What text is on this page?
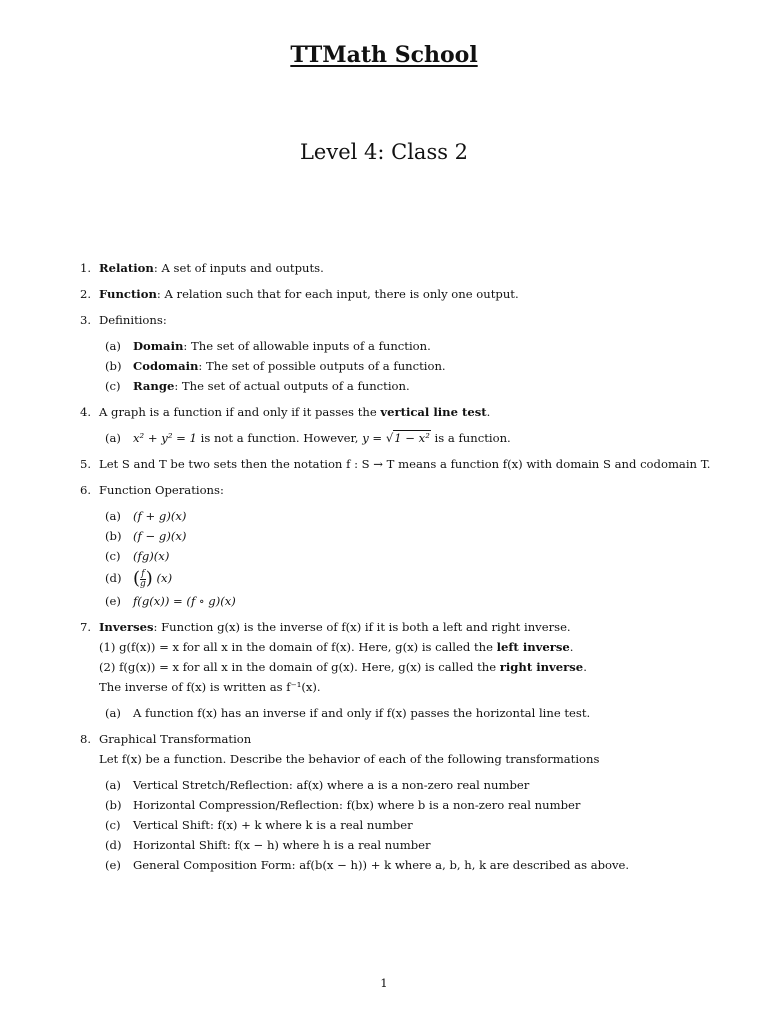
TTMath School
Level 4: Class 2
1. Relation: A set of inputs and outputs.
2. Function: A relation such that for each input, there is only one output.
3. Definitions:
(a) Domain: The set of allowable inputs of a function.
(b) Codomain: The set of possible outputs of a function.
(c) Range: The set of actual outputs of a function.
4. A graph is a function if and only if it passes the vertical line test.
(a) x² + y² = 1 is not a function. However, y = √1 − x² is a function.
5. Let S and T be two sets then the notation f : S → T means a function f(x) with domain S and codomain T.
6. Function Operations:
(a) (f + g)(x)
(b) (f − g)(x)
(c) (fg)(x)
(d) ( $\frac{f}{g}$ ) (x)
(e) f(g(x)) = (f ∘ g)(x)
7. Inverses: Function g(x) is the inverse of f(x) if it is both a left and right inverse.
(1) g(f(x)) = x for all x in the domain of f(x). Here, g(x) is called the left inverse.
(2) f(g(x)) = x for all x in the domain of g(x). Here, g(x) is called the right inverse.
The inverse of f(x) is written as f⁻¹(x).
(a) A function f(x) has an inverse if and only if f(x) passes the horizontal line test.
8. Graphical Transformation
Let f(x) be a function. Describe the behavior of each of the following transformations
(a) Vertical Stretch/Reflection: af(x) where a is a non-zero real number
(b) Horizontal Compression/Reflection: f(bx) where b is a non-zero real number
(c) Vertical Shift: f(x) + k where k is a real number
(d) Horizontal Shift: f(x − h) where h is a real number
(e) General Composition Form: af(b(x − h)) + k where a, b, h, k are described as above.
1
